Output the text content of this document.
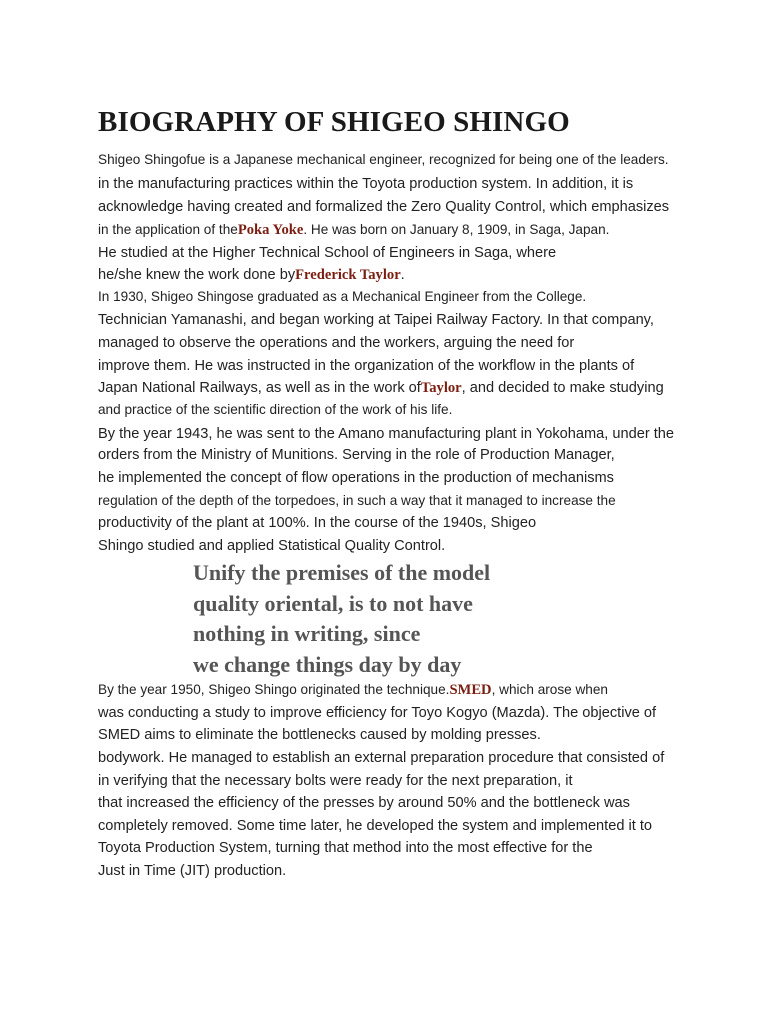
BIOGRAPHY OF SHIGEO SHINGO
Shigeo Shingofue is a Japanese mechanical engineer, recognized for being one of the leaders.
in the manufacturing practices within the Toyota production system. In addition, it is
acknowledge having created and formalized the Zero Quality Control, which emphasizes
in the application of thePoka Yoke. He was born on January 8, 1909, in Saga, Japan.
He studied at the Higher Technical School of Engineers in Saga, where
he/she knew the work done byFrederick Taylor.
In 1930, Shigeo Shingose graduated as a Mechanical Engineer from the College.
Technician Yamanashi, and began working at Taipei Railway Factory. In that company,
managed to observe the operations and the workers, arguing the need for
improve them. He was instructed in the organization of the workflow in the plants of
Japan National Railways, as well as in the work ofTaylor, and decided to make studying
and practice of the scientific direction of the work of his life.
By the year 1943, he was sent to the Amano manufacturing plant in Yokohama, under the
orders from the Ministry of Munitions. Serving in the role of Production Manager,
he implemented the concept of flow operations in the production of mechanisms
regulation of the depth of the torpedoes, in such a way that it managed to increase the
productivity of the plant at 100%. In the course of the 1940s, Shigeo
Shingo studied and applied Statistical Quality Control.
Unify the premises of the model
quality oriental, is to not have
nothing in writing, since
we change things day by day
By the year 1950, Shigeo Shingo originated the technique.SMED, which arose when
was conducting a study to improve efficiency for Toyo Kogyo (Mazda). The objective of
SMED aims to eliminate the bottlenecks caused by molding presses.
bodywork. He managed to establish an external preparation procedure that consisted of
in verifying that the necessary bolts were ready for the next preparation, it
that increased the efficiency of the presses by around 50% and the bottleneck was
completely removed. Some time later, he developed the system and implemented it to
Toyota Production System, turning that method into the most effective for the
Just in Time (JIT) production.
